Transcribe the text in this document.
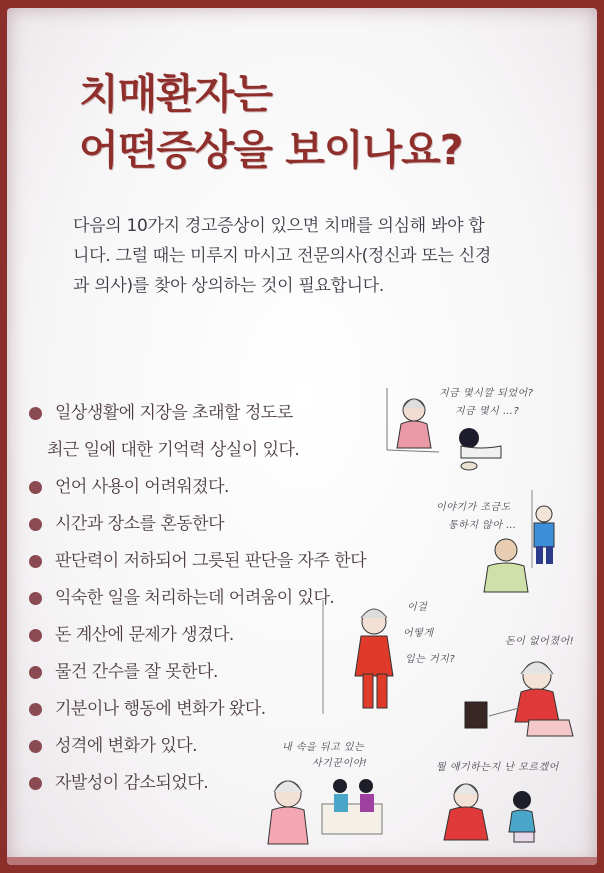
치매환자는
어떤증상을 보이나요?
다음의 10가지 경고증상이 있으면 치매를 의심해 봐야 합
니다. 그럴 때는 미루지 마시고 전문의사(정신과 또는 신경
과 의사)를 찾아 상의하는 것이 필요합니다.
일상생활에 지장을 초래할 정도로
최근 일에 대한 기억력 상실이 있다.
언어 사용이 어려워졌다.
시간과 장소를 혼동한다
판단력이 저하되어 그릇된 판단을 자주 한다
익숙한 일을 처리하는데 어려움이 있다.
돈 계산에 문제가 생겼다.
물건 간수를 잘 못한다.
기분이나 행동에 변화가 왔다.
성격에 변화가 있다.
자발성이 감소되었다.
지금 몇시깔 되었어?
지금 몇시 …?
이야기가 조금도
통하지 않아 …
이걸
어떻게
입는 거지?
돈이 없어졌어!
내 속을 뒤고 있는
사기꾼이야!	뭘 얘기하는지 난 모르겠어
